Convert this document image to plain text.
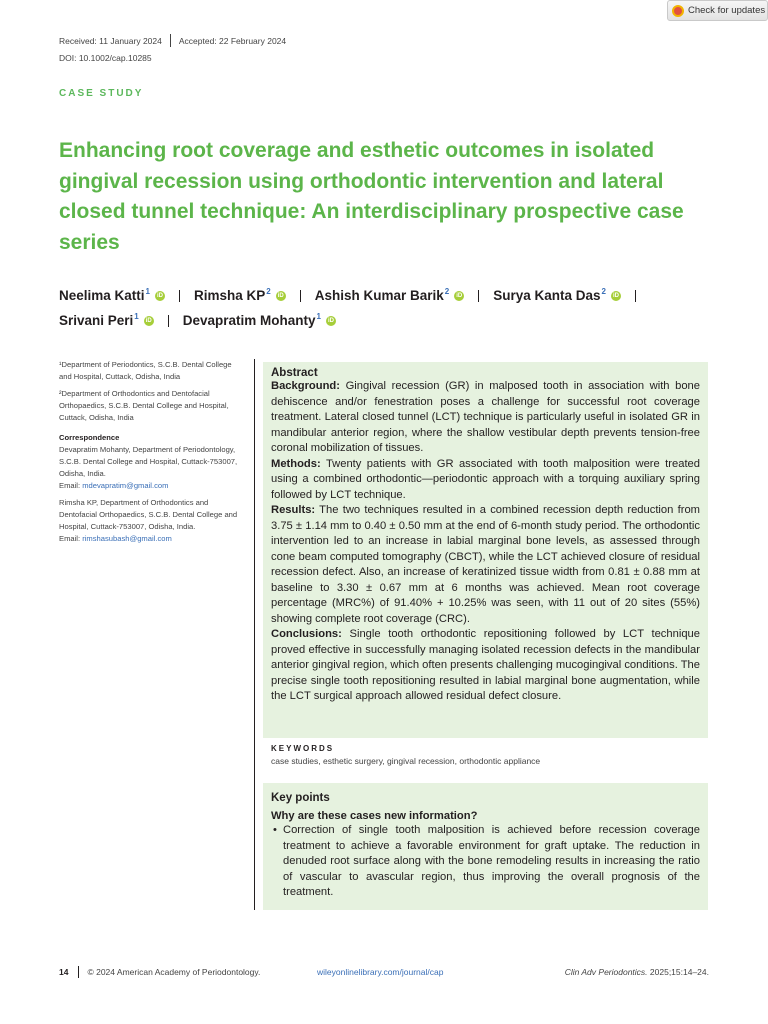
Check for updates
Received: 11 January 2024 Accepted: 22 February 2024
DOI: 10.1002/cap.10285
CASE STUDY
Enhancing root coverage and esthetic outcomes in isolated gingival recession using orthodontic intervention and lateral closed tunnel technique: An interdisciplinary prospective case series
Neelima Katti$^1$	iD Rimsha $KP^2$	iD Ashish Kumar Barik$^2$	iD Surya Kanta Das$^2$	iD
Srivani Peri$^1$	iD Devapratim Mohanty$^1$	iD

¹Department of Periodontics, S.C.B. Dental College and Hospital, Cuttack, Odisha, India

²Department of Orthodontics and Dentofacial Orthopaedics, S.C.B. Dental College and Hospital, Cuttack, Odisha, India

Correspondence

Devapratim Mohanty, Department of Periodontology, S.C.B. Dental College and Hospital, Cuttack-753007, Odisha, India.
Email: mdevapratim@gmail.com

Rimsha KP, Department of Orthodontics and Dentofacial Orthopaedics, S.C.B. Dental College and Hospital, Cuttack-753007, Odisha, India.
Email: rimshasubash@gmail.com

Abstract

Background: Gingival recession (GR) in malposed tooth in association with bone dehiscence and/or fenestration poses a challenge for successful root coverage treatment. Lateral closed tunnel (LCT) technique is particularly useful in isolated GR in mandibular anterior region, where the shallow vestibular depth prevents tension-free coronal mobilization of tissues.

Methods: Twenty patients with GR associated with tooth malposition were treated using a combined orthodontic—periodontic approach with a torquing auxiliary spring followed by LCT technique.

Results: The two techniques resulted in a combined recession depth reduction from 3.75 ± 1.14 mm to 0.40 ± 0.50 mm at the end of 6-month study period. The orthodontic intervention led to an increase in labial marginal bone levels, as assessed through cone beam computed tomography (CBCT), while the LCT achieved closure of residual recession defect. Also, an increase of keratinized tissue width from 0.81 ± 0.88 mm at baseline to 3.30 ± 0.67 mm at 6 months was achieved. Mean root coverage percentage (MRC%) of 91.40% + 10.25% was seen, with 11 out of 20 sites (55%) showing complete root coverage (CRC).

Conclusions: Single tooth orthodontic repositioning followed by LCT technique proved effective in successfully managing isolated recession defects in the mandibular anterior gingival region, which often presents challenging mucogingival conditions. The precise single tooth repositioning resulted in labial marginal bone augmentation, while the LCT surgical approach allowed residual defect closure.

KEYWORDS
case studies, esthetic surgery, gingival recession, orthodontic appliance
Key points
Why are these cases new information?
• Correction of single tooth malposition is achieved before recession coverage treatment to achieve a favorable environment for graft uptake. The reduction in denuded root surface along with the bone remodeling results in increasing the ratio of vascular to avascular region, thus improving the overall prognosis of the treatment.
14 © 2024 American Academy of Periodontology.	wileyonlinelibrary.com/journal/cap	Clin Adv Periodontics. 2025;15:14–24.
